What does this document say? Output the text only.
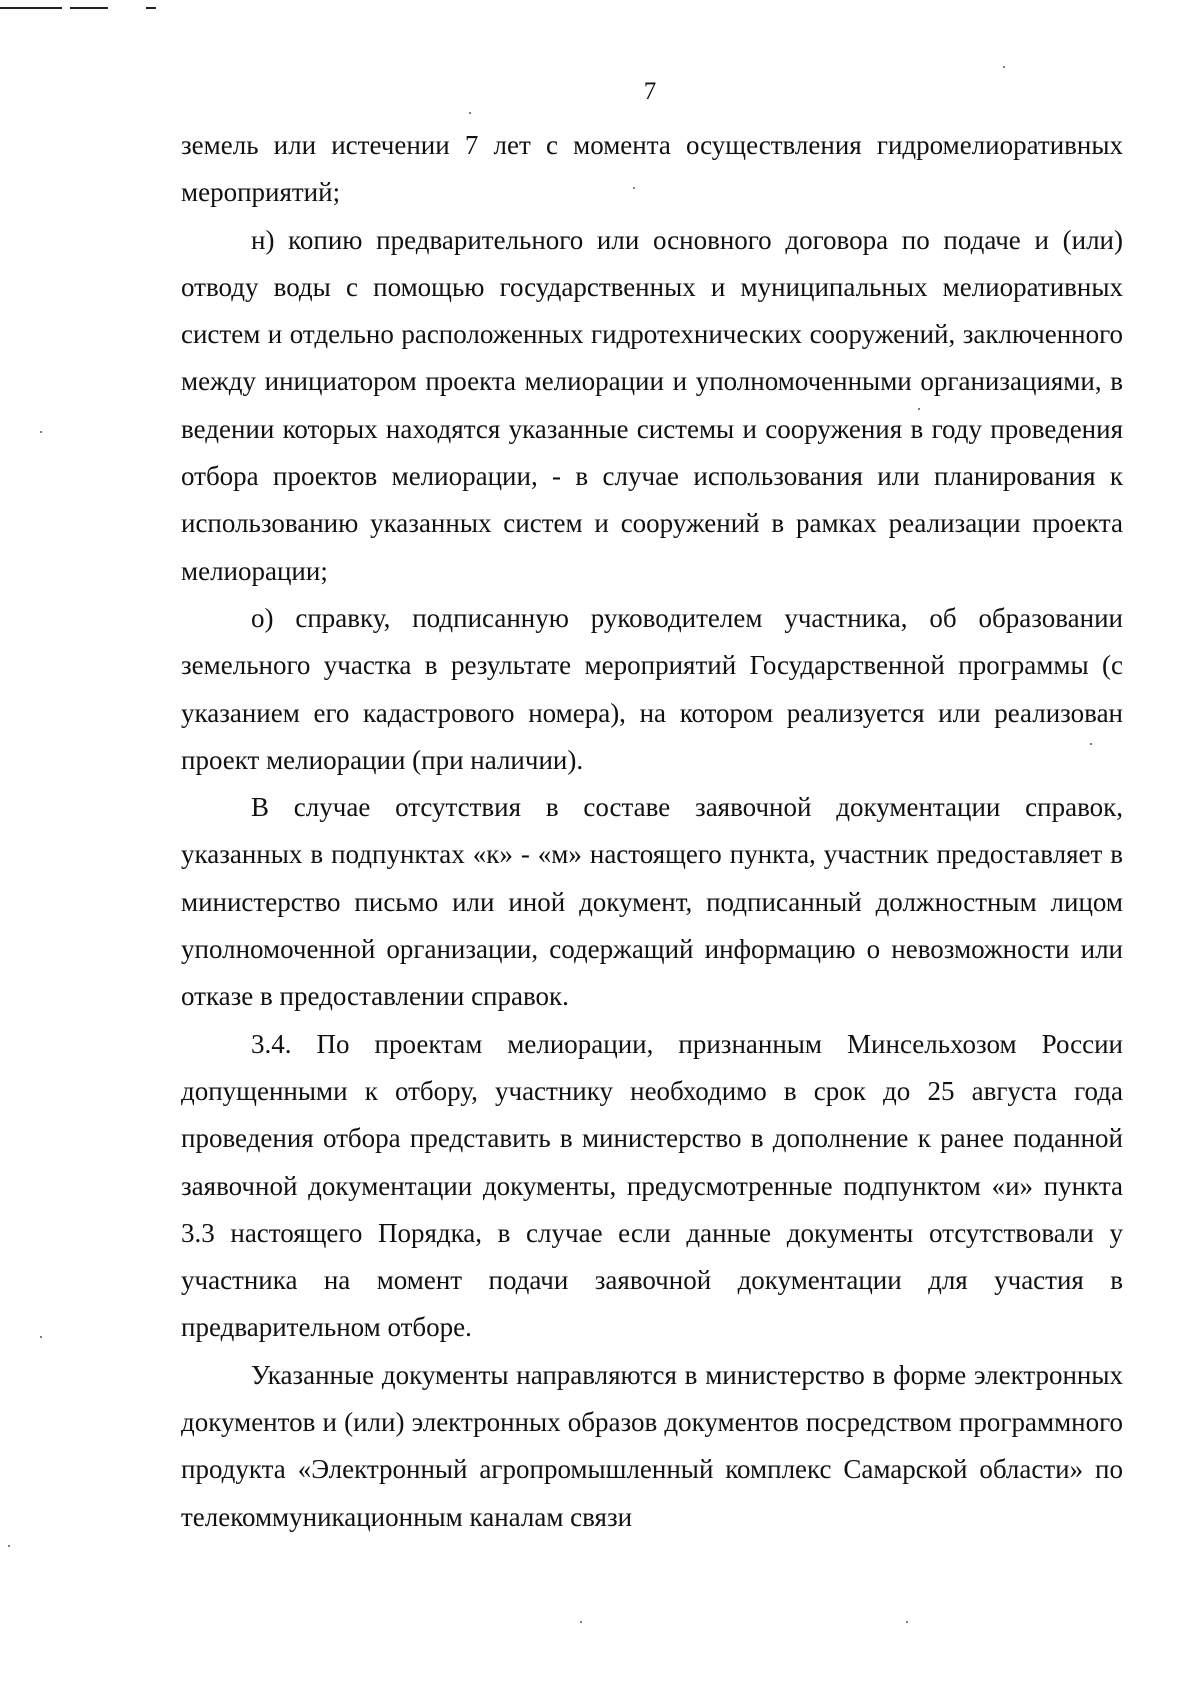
7

земель или истечении 7 лет с момента осуществления гидромелиоративных мероприятий;

н) копию предварительного или основного договора по подаче и (или) отводу воды с помощью государственных и муниципальных мелиоративных систем и отдельно расположенных гидротехнических сооружений, заключенного между инициатором проекта мелиорации и уполномоченными организациями, в ведении которых находятся указанные системы и сооружения в году проведения отбора проектов мелиорации, - в случае использования или планирования к использованию указанных систем и сооружений в рамках реализации проекта мелиорации;

о) справку, подписанную руководителем участника, об образовании земельного участка в результате мероприятий Государственной программы (с указанием его кадастрового номера), на котором реализуется или реализован проект мелиорации (при наличии).

В случае отсутствия в составе заявочной документации справок, указанных в подпунктах «к» - «м» настоящего пункта, участник предоставляет в министерство письмо или иной документ, подписанный должностным лицом уполномоченной организации, содержащий информацию о невозможности или отказе в предоставлении справок.

3.4. По проектам мелиорации, признанным Минсельхозом России допущенными к отбору, участнику необходимо в срок до 25 августа года проведения отбора представить в министерство в дополнение к ранее поданной заявочной документации документы, предусмотренные подпунктом «и» пункта 3.3 настоящего Порядка, в случае если данные документы отсутствовали у участника на момент подачи заявочной документации для участия в предварительном отборе.

Указанные документы направляются в министерство в форме электронных документов и (или) электронных образов документов посредством программного продукта «Электронный агропромышленный комплекс Самарской области» по телекоммуникационным каналам связи
